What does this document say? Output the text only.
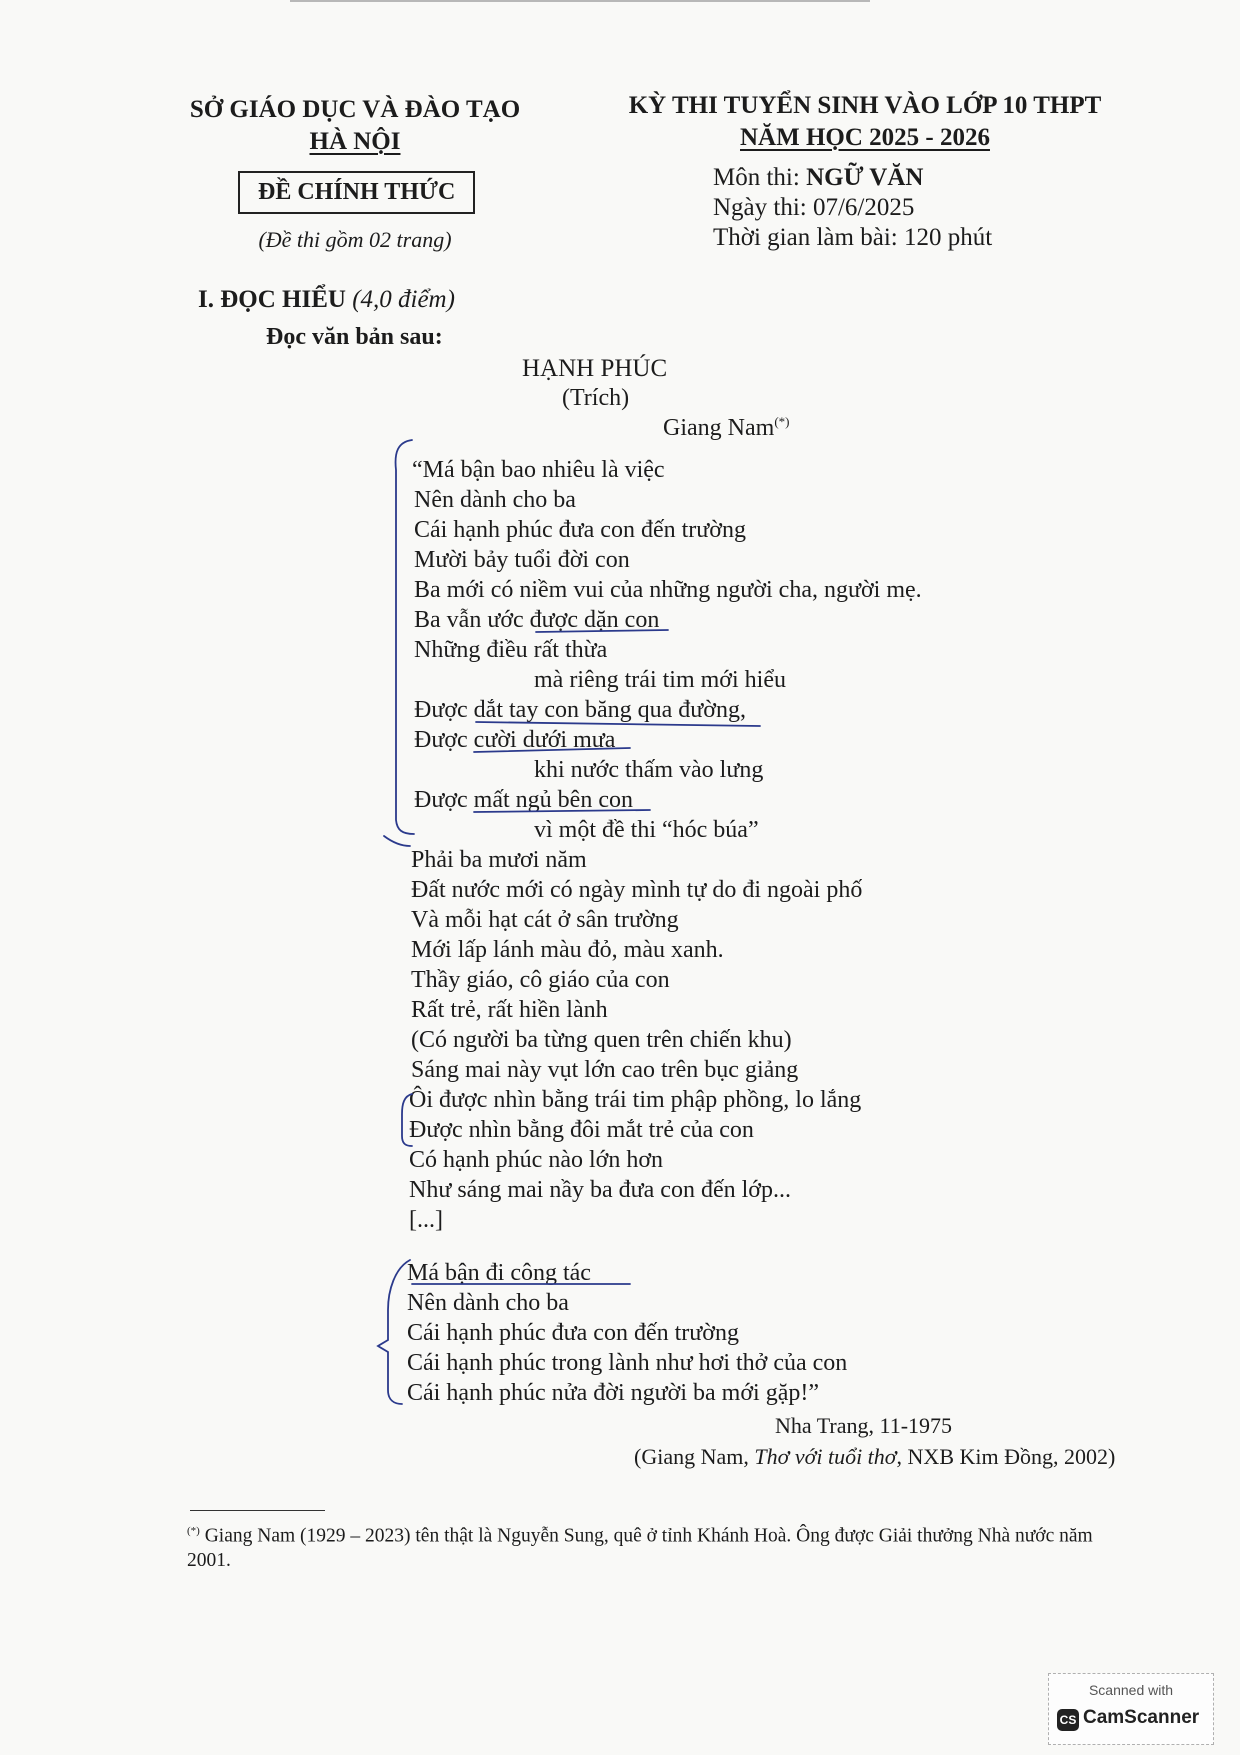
SỞ GIÁO DỤC VÀ ĐÀO TẠO
HÀ NỘI
ĐỀ CHÍNH THỨC
(Đề thi gồm 02 trang)
KỲ THI TUYỂN SINH VÀO LỚP 10 THPT
NĂM HỌC 2025 - 2026
Môn thi: NGỮ VĂN
Ngày thi: 07/6/2025
Thời gian làm bài: 120 phút
I. ĐỌC HIỂU (4,0 điểm)
Đọc văn bản sau:
HẠNH PHÚC
(Trích)
Giang Nam(*)
“Má bận bao nhiêu là việc
Nên dành cho ba
Cái hạnh phúc đưa con đến trường
Mười bảy tuổi đời con
Ba mới có niềm vui của những người cha, người mẹ.
Ba vẫn ước được dặn con
Những điều rất thừa
mà riêng trái tim mới hiểu
Được dắt tay con băng qua đường,
Được cười dưới mưa
khi nước thấm vào lưng
Được mất ngủ bên con
vì một đề thi “hóc búa”
Phải ba mươi năm
Đất nước mới có ngày mình tự do đi ngoài phố
Và mỗi hạt cát ở sân trường
Mới lấp lánh màu đỏ, màu xanh.
Thầy giáo, cô giáo của con
Rất trẻ, rất hiền lành
(Có người ba từng quen trên chiến khu)
Sáng mai này vụt lớn cao trên bục giảng
Ôi được nhìn bằng trái tim phập phồng, lo lắng
Được nhìn bằng đôi mắt trẻ của con
Có hạnh phúc nào lớn hơn
Như sáng mai nầy ba đưa con đến lớp...
[...]
Má bận đi công tác
Nên dành cho ba
Cái hạnh phúc đưa con đến trường
Cái hạnh phúc trong lành như hơi thở của con
Cái hạnh phúc nửa đời người ba mới gặp!”
Nha Trang, 11-1975
(Giang Nam, Thơ với tuổi thơ, NXB Kim Đồng, 2002)
(*) Giang Nam (1929 – 2023) tên thật là Nguyễn Sung, quê ở tỉnh Khánh Hoà. Ông được Giải thưởng Nhà nước năm 2001.
Scanned with
CS CamScanner
